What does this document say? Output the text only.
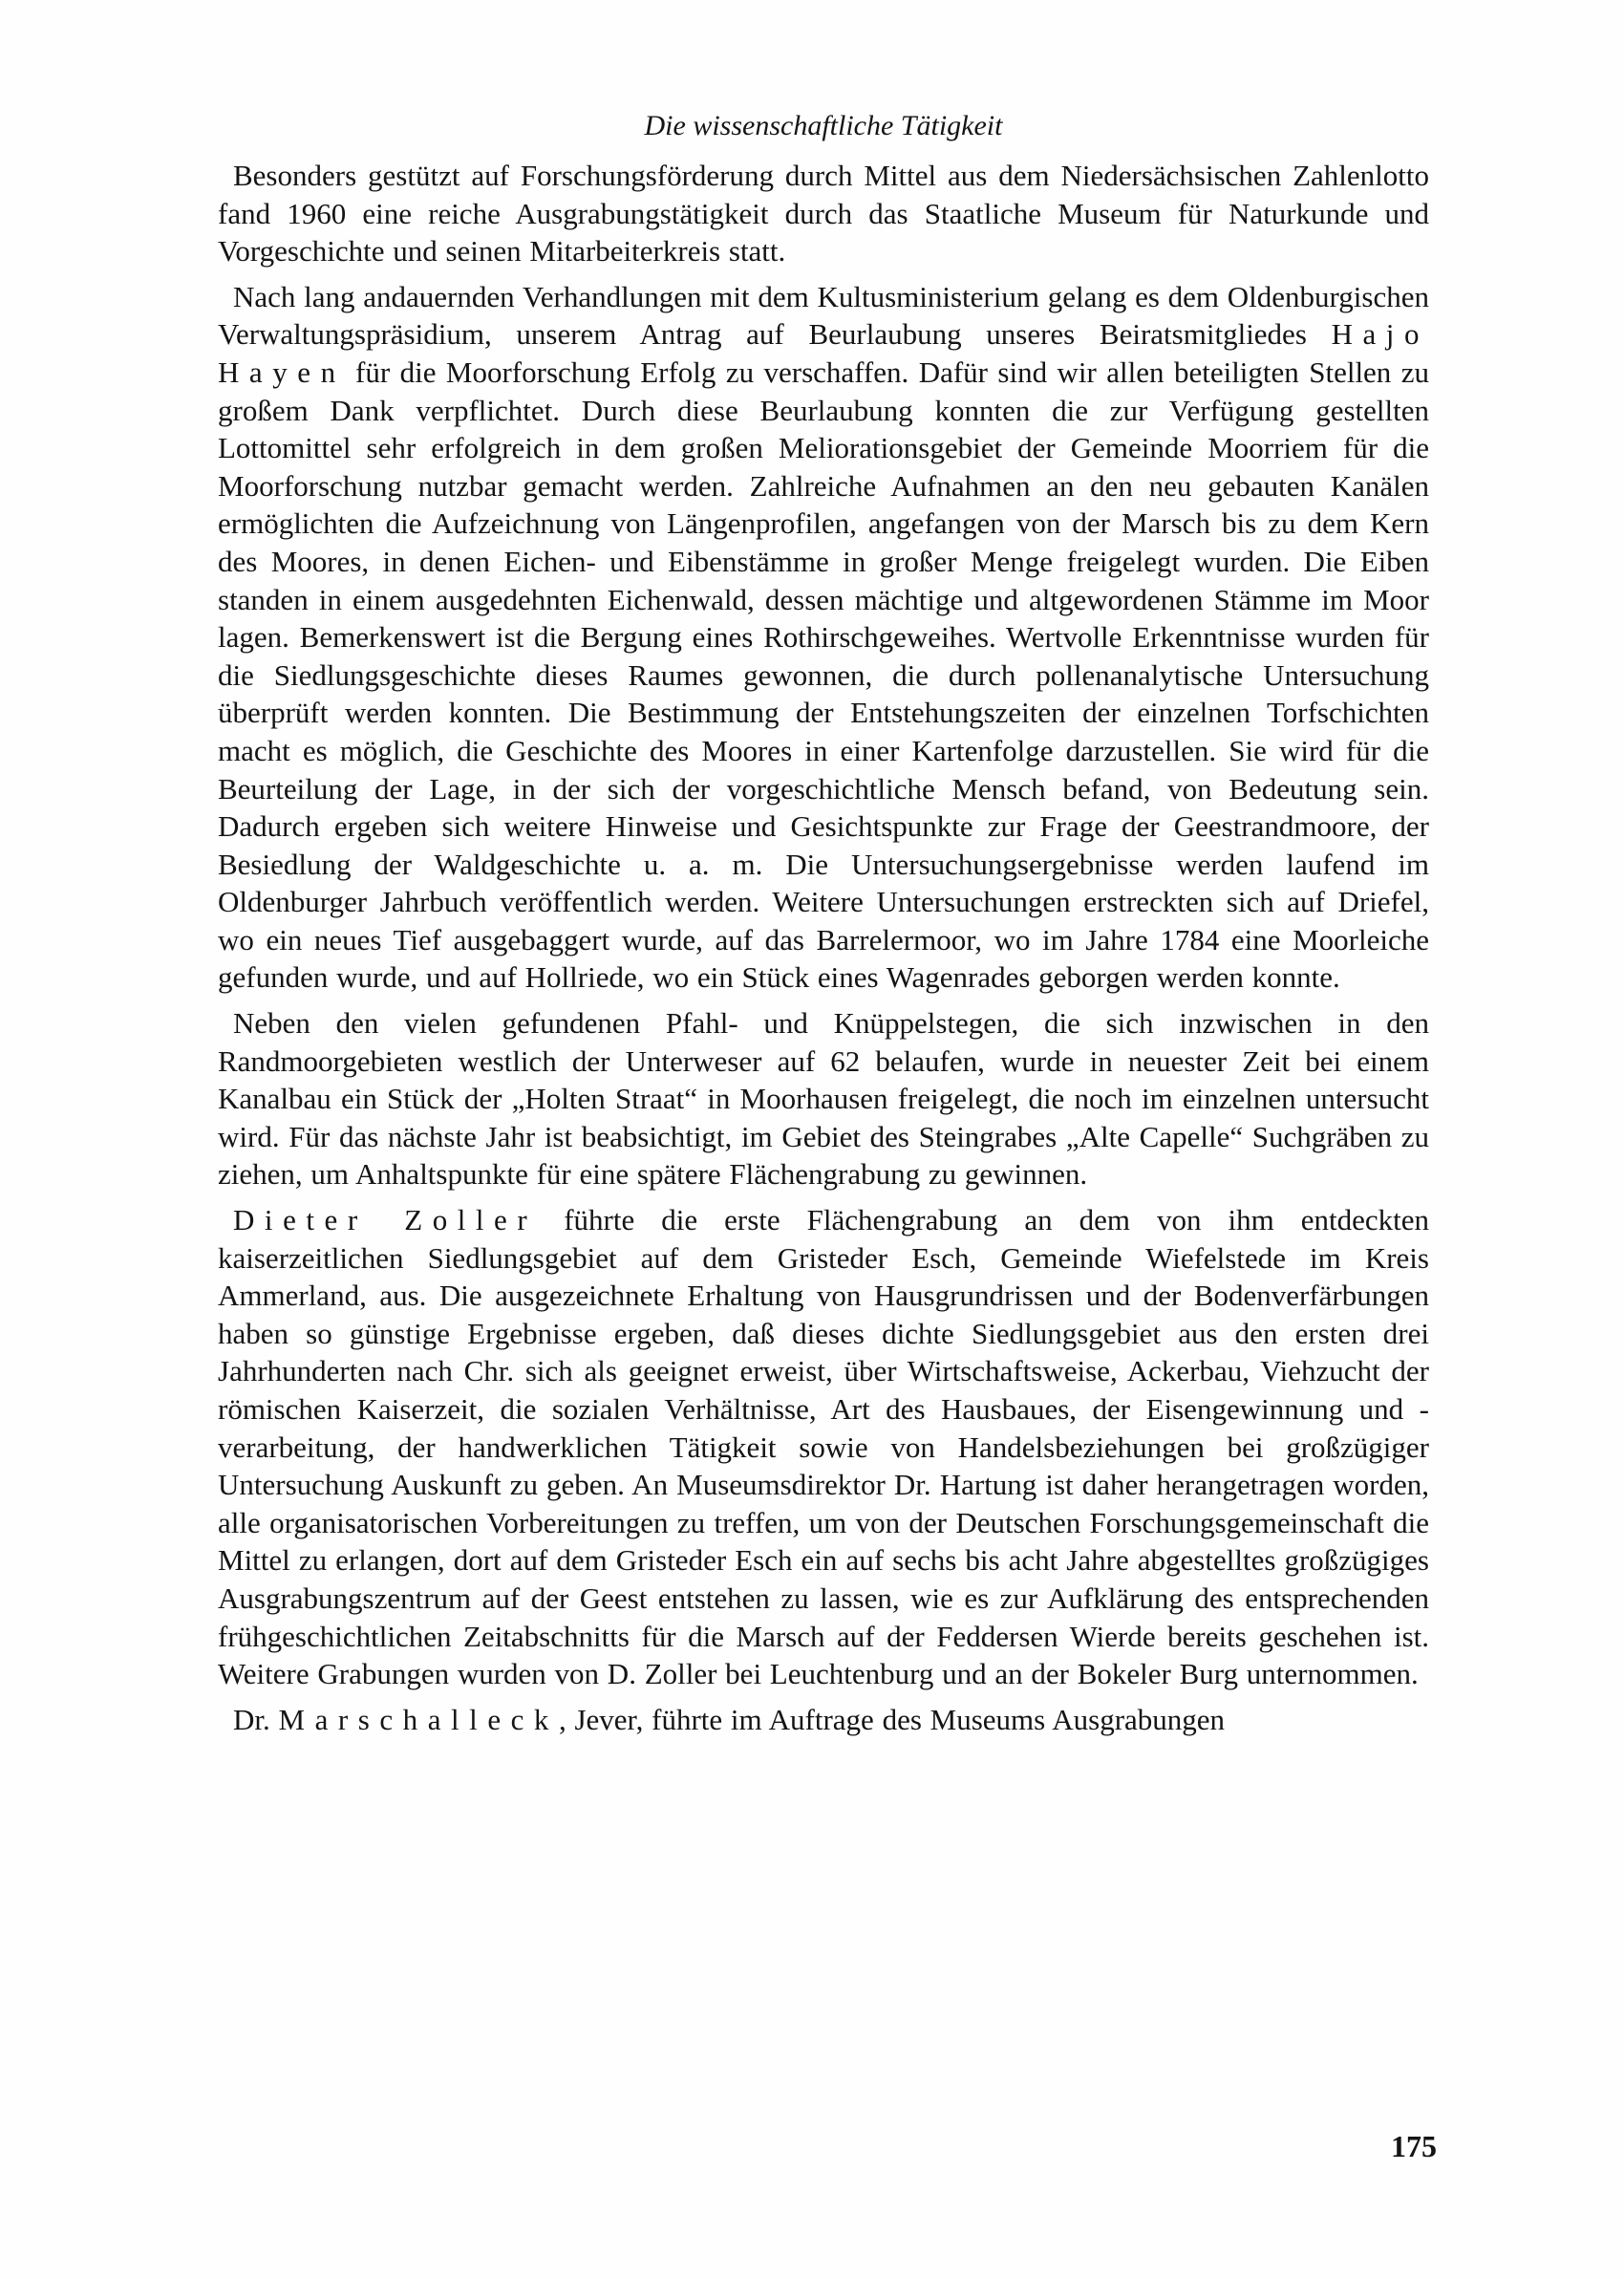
Die wissenschaftliche Tätigkeit

Besonders gestützt auf Forschungsförderung durch Mittel aus dem Niedersächsischen Zahlenlotto fand 1960 eine reiche Ausgrabungstätigkeit durch das Staatliche Museum für Naturkunde und Vorgeschichte und seinen Mitarbeiterkreis statt.

Nach lang andauernden Verhandlungen mit dem Kultusministerium gelang es dem Oldenburgischen Verwaltungspräsidium, unserem Antrag auf Beurlaubung unseres Beiratsmitgliedes Hajo Hayen für die Moorforschung Erfolg zu verschaffen. Dafür sind wir allen beteiligten Stellen zu großem Dank verpflichtet. Durch diese Beurlaubung konnten die zur Verfügung gestellten Lottomittel sehr erfolgreich in dem großen Meliorationsgebiet der Gemeinde Moorriem für die Moorforschung nutzbar gemacht werden. Zahlreiche Aufnahmen an den neu gebauten Kanälen ermöglichten die Aufzeichnung von Längenprofilen, angefangen von der Marsch bis zu dem Kern des Moores, in denen Eichen- und Eibenstämme in großer Menge freigelegt wurden. Die Eiben standen in einem ausgedehnten Eichenwald, dessen mächtige und altgewordenen Stämme im Moor lagen. Bemerkenswert ist die Bergung eines Rothirschgeweihes. Wertvolle Erkenntnisse wurden für die Siedlungsgeschichte dieses Raumes gewonnen, die durch pollenanalytische Untersuchung überprüft werden konnten. Die Bestimmung der Entstehungszeiten der einzelnen Torfschichten macht es möglich, die Geschichte des Moores in einer Kartenfolge darzustellen. Sie wird für die Beurteilung der Lage, in der sich der vorgeschichtliche Mensch befand, von Bedeutung sein. Dadurch ergeben sich weitere Hinweise und Gesichtspunkte zur Frage der Geestrandmoore, der Besiedlung der Waldgeschichte u. a. m. Die Untersuchungsergebnisse werden laufend im Oldenburger Jahrbuch veröffentlich werden. Weitere Untersuchungen erstreckten sich auf Driefel, wo ein neues Tief ausgebaggert wurde, auf das Barrelermoor, wo im Jahre 1784 eine Moorleiche gefunden wurde, und auf Hollriede, wo ein Stück eines Wagenrades geborgen werden konnte.

Neben den vielen gefundenen Pfahl- und Knüppelstegen, die sich inzwischen in den Randmoorgebieten westlich der Unterweser auf 62 belaufen, wurde in neuester Zeit bei einem Kanalbau ein Stück der „Holten Straat“ in Moorhausen freigelegt, die noch im einzelnen untersucht wird. Für das nächste Jahr ist beabsichtigt, im Gebiet des Steingrabes „Alte Capelle“ Suchgräben zu ziehen, um Anhaltspunkte für eine spätere Flächengrabung zu gewinnen.

Dieter Zoller führte die erste Flächengrabung an dem von ihm entdeckten kaiserzeitlichen Siedlungsgebiet auf dem Gristeder Esch, Gemeinde Wiefelstede im Kreis Ammerland, aus. Die ausgezeichnete Erhaltung von Hausgrundrissen und der Bodenverfärbungen haben so günstige Ergebnisse ergeben, daß dieses dichte Siedlungsgebiet aus den ersten drei Jahrhunderten nach Chr. sich als geeignet erweist, über Wirtschaftsweise, Ackerbau, Viehzucht der römischen Kaiserzeit, die sozialen Verhältnisse, Art des Hausbaues, der Eisengewinnung und -verarbeitung, der handwerklichen Tätigkeit sowie von Handelsbeziehungen bei großzügiger Untersuchung Auskunft zu geben. An Museumsdirektor Dr. Hartung ist daher herangetragen worden, alle organisatorischen Vorbereitungen zu treffen, um von der Deutschen Forschungsgemeinschaft die Mittel zu erlangen, dort auf dem Gristeder Esch ein auf sechs bis acht Jahre abgestelltes großzügiges Ausgrabungszentrum auf der Geest entstehen zu lassen, wie es zur Aufklärung des entsprechenden frühgeschichtlichen Zeitabschnitts für die Marsch auf der Feddersen Wierde bereits geschehen ist. Weitere Grabungen wurden von D. Zoller bei Leuchtenburg und an der Bokeler Burg unternommen.

Dr. Marschalleck, Jever, führte im Auftrage des Museums Ausgrabungen

175
